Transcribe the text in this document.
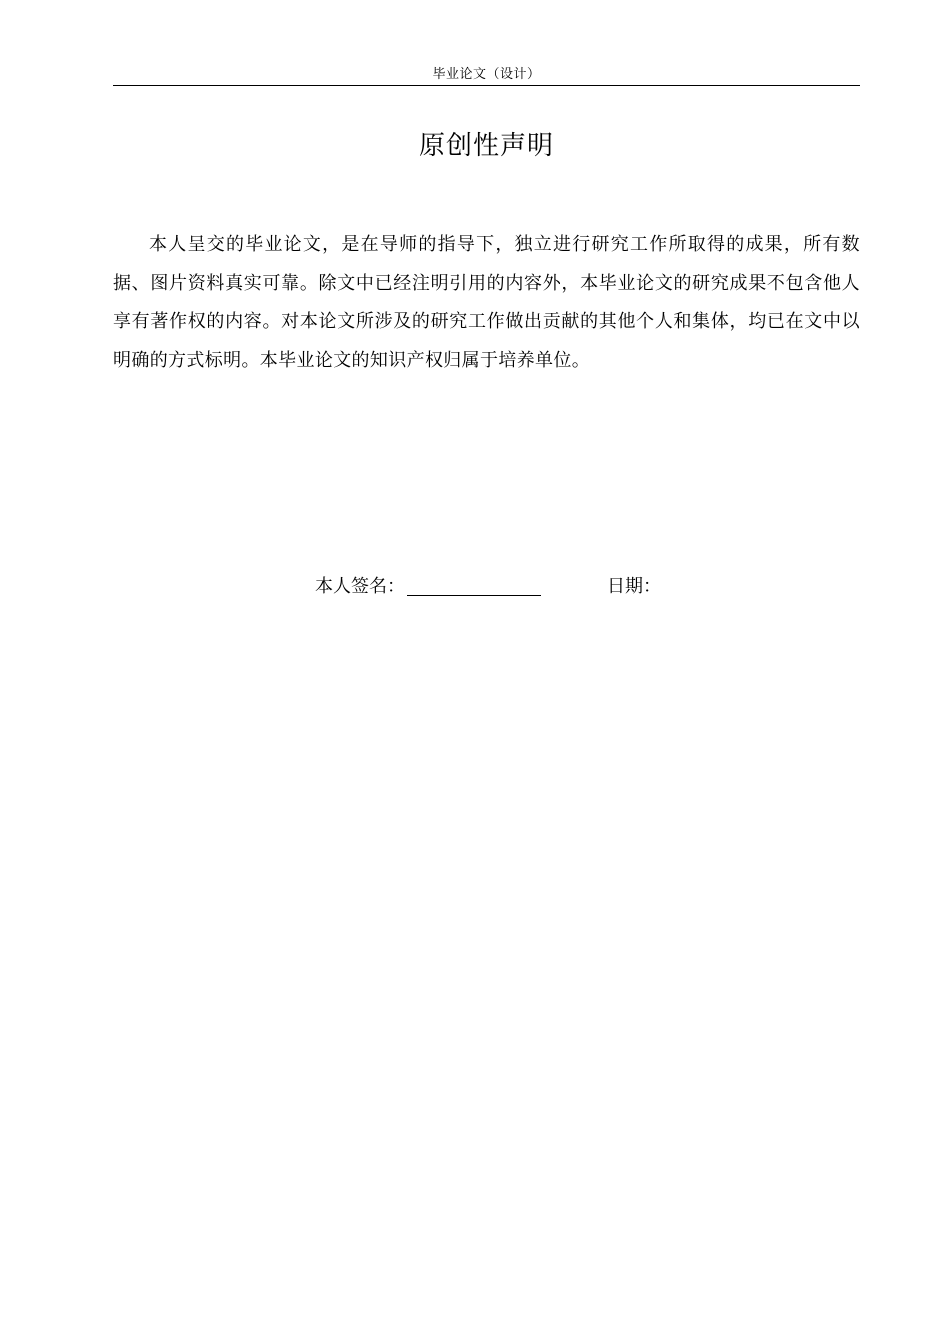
毕业论文（设计）
原创性声明

本人呈交的毕业论文，是在导师的指导下，独立进行研究工作所取得的成果，所有数据、图片资料真实可靠。除文中已经注明引用的内容外，本毕业论文的研究成果不包含他人享有著作权的内容。对本论文所涉及的研究工作做出贡献的其他个人和集体，均已在文中以明确的方式标明。本毕业论文的知识产权归属于培养单位。

本人签名：	日期：
